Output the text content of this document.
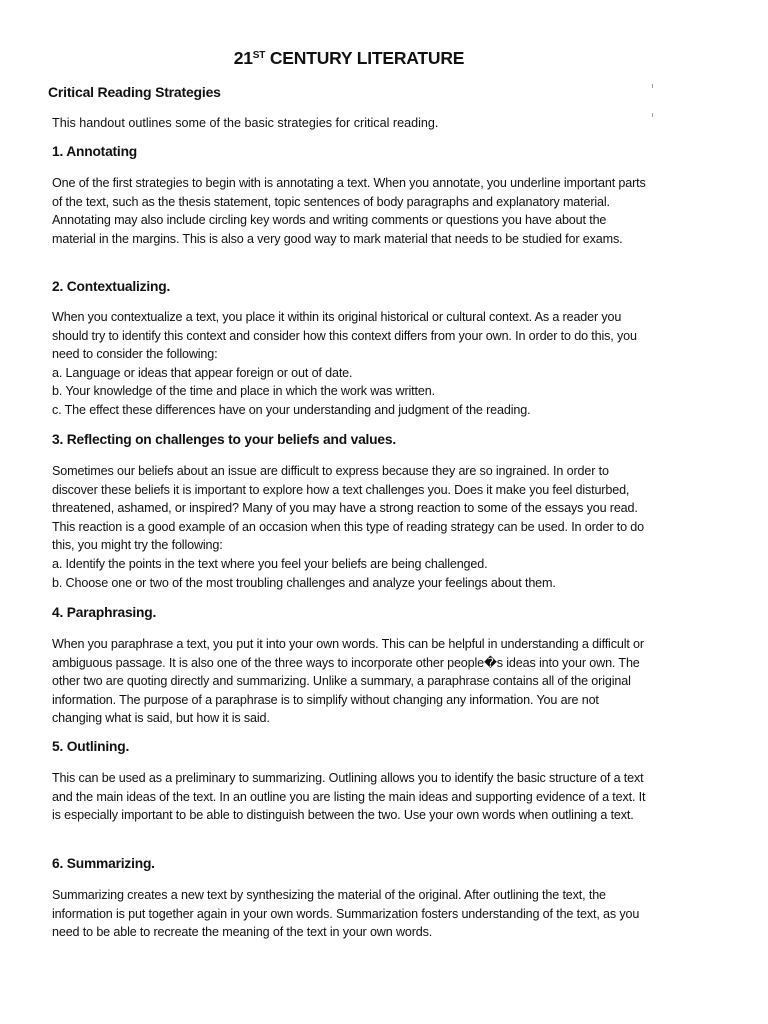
21ST CENTURY LITERATURE
Critical Reading Strategies
This handout outlines some of the basic strategies for critical reading.
1. Annotating

One of the first strategies to begin with is annotating a text. When you annotate, you underline important parts of the text, such as the thesis statement, topic sentences of body paragraphs and explanatory material. Annotating may also include circling key words and writing comments or questions you have about the material in the margins. This is also a very good way to mark material that needs to be studied for exams.

2. Contextualizing.

When you contextualize a text, you place it within its original historical or cultural context. As a reader you should try to identify this context and consider how this context differs from your own. In order to do this, you need to consider the following:

a. Language or ideas that appear foreign or out of date.
b. Your knowledge of the time and place in which the work was written.
c. The effect these differences have on your understanding and judgment of the reading.
3. Reflecting on challenges to your beliefs and values.

Sometimes our beliefs about an issue are difficult to express because they are so ingrained. In order to discover these beliefs it is important to explore how a text challenges you. Does it make you feel disturbed, threatened, ashamed, or inspired? Many of you may have a strong reaction to some of the essays you read. This reaction is a good example of an occasion when this type of reading strategy can be used. In order to do this, you might try the following:

a. Identify the points in the text where you feel your beliefs are being challenged.
b. Choose one or two of the most troubling challenges and analyze your feelings about them.
4. Paraphrasing.

When you paraphrase a text, you put it into your own words. This can be helpful in understanding a difficult or ambiguous passage. It is also one of the three ways to incorporate other people�s ideas into your own. The other two are quoting directly and summarizing. Unlike a summary, a paraphrase contains all of the original information. The purpose of a paraphrase is to simplify without changing any information. You are not changing what is said, but how it is said.

5. Outlining.

This can be used as a preliminary to summarizing. Outlining allows you to identify the basic structure of a text and the main ideas of the text. In an outline you are listing the main ideas and supporting evidence of a text. It is especially important to be able to distinguish between the two. Use your own words when outlining a text.

6. Summarizing.

Summarizing creates a new text by synthesizing the material of the original. After outlining the text, the information is put together again in your own words. Summarization fosters understanding of the text, as you need to be able to recreate the meaning of the text in your own words.
